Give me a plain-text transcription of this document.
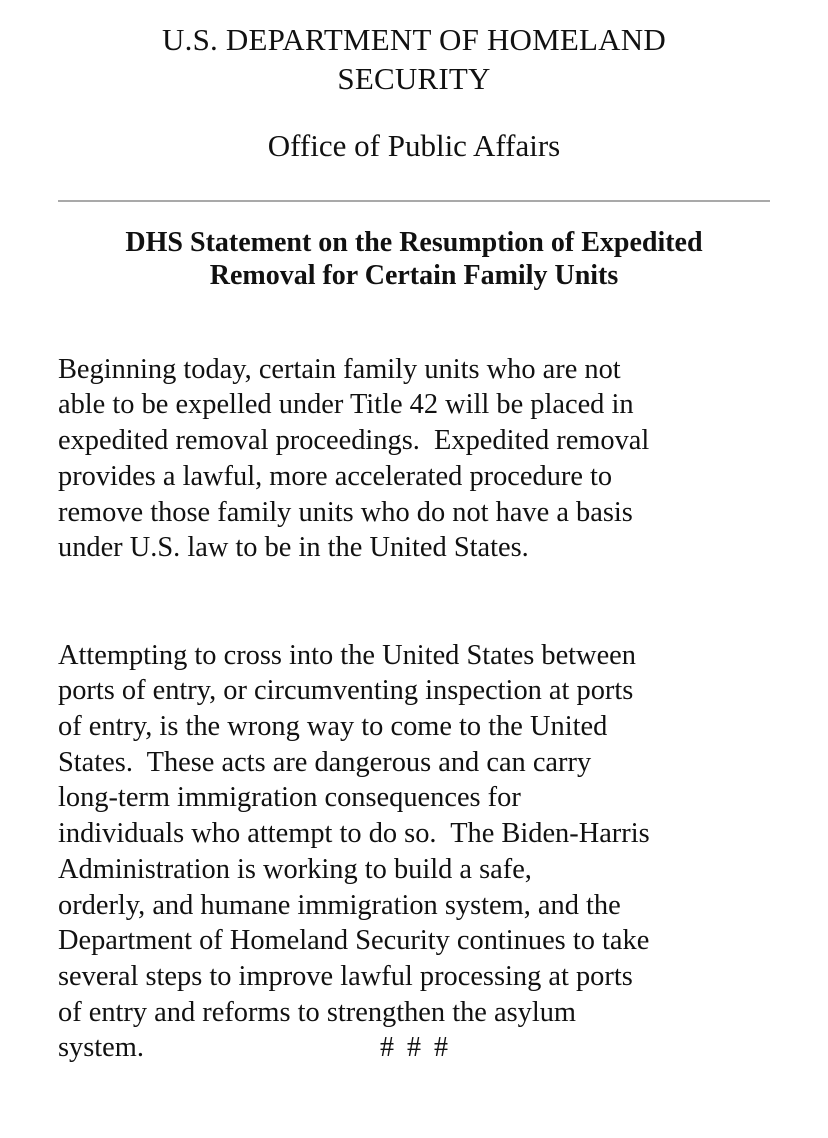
U.S. DEPARTMENT OF HOMELAND
SECURITY
Office of Public Affairs
DHS Statement on the Resumption of Expedited
Removal for Certain Family Units

Beginning today, certain family units who are not
able to be expelled under Title 42 will be placed in
expedited removal proceedings.  Expedited removal
provides a lawful, more accelerated procedure to
remove those family units who do not have a basis
under U.S. law to be in the United States.

Attempting to cross into the United States between
ports of entry, or circumventing inspection at ports
of entry, is the wrong way to come to the United
States.  These acts are dangerous and can carry
long-term immigration consequences for
individuals who attempt to do so.  The Biden-Harris
Administration is working to build a safe,
orderly, and humane immigration system, and the
Department of Homeland Security continues to take
several steps to improve lawful processing at ports
of entry and reforms to strengthen the asylum
system.	# # #
